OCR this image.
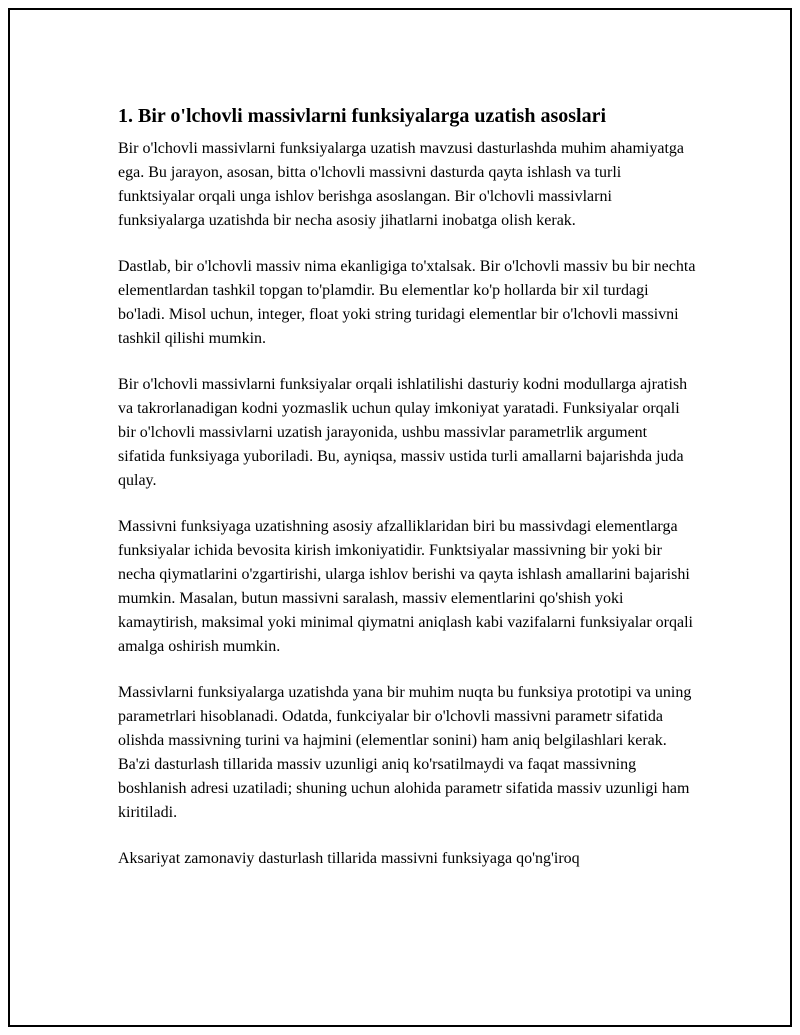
1. Bir o'lchovli massivlarni funksiyalarga uzatish asoslari

Bir o'lchovli massivlarni funksiyalarga uzatish mavzusi dasturlashda muhim ahamiyatga ega. Bu jarayon, asosan, bitta o'lchovli massivni dasturda qayta ishlash va turli funktsiyalar orqali unga ishlov berishga asoslangan. Bir o'lchovli massivlarni funksiyalarga uzatishda bir necha asosiy jihatlarni inobatga olish kerak.

Dastlab, bir o'lchovli massiv nima ekanligiga to'xtalsak. Bir o'lchovli massiv bu bir nechta elementlardan tashkil topgan to'plamdir. Bu elementlar ko'p hollarda bir xil turdagi bo'ladi. Misol uchun, integer, float yoki string turidagi elementlar bir o'lchovli massivni tashkil qilishi mumkin.

Bir o'lchovli massivlarni funksiyalar orqali ishlatilishi dasturiy kodni modullarga ajratish va takrorlanadigan kodni yozmaslik uchun qulay imkoniyat yaratadi. Funksiyalar orqali bir o'lchovli massivlarni uzatish jarayonida, ushbu massivlar parametrlik argument sifatida funksiyaga yuboriladi. Bu, ayniqsa, massiv ustida turli amallarni bajarishda juda qulay.

Massivni funksiyaga uzatishning asosiy afzalliklaridan biri bu massivdagi elementlarga funksiyalar ichida bevosita kirish imkoniyatidir. Funktsiyalar massivning bir yoki bir necha qiymatlarini o'zgartirishi, ularga ishlov berishi va qayta ishlash amallarini bajarishi mumkin. Masalan, butun massivni saralash, massiv elementlarini qo'shish yoki kamaytirish, maksimal yoki minimal qiymatni aniqlash kabi vazifalarni funksiyalar orqali amalga oshirish mumkin.

Massivlarni funksiyalarga uzatishda yana bir muhim nuqta bu funksiya prototipi va uning parametrlari hisoblanadi. Odatda, funkciyalar bir o'lchovli massivni parametr sifatida olishda massivning turini va hajmini (elementlar sonini) ham aniq belgilashlari kerak. Ba'zi dasturlash tillarida massiv uzunligi aniq ko'rsatilmaydi va faqat massivning boshlanish adresi uzatiladi; shuning uchun alohida parametr sifatida massiv uzunligi ham kiritiladi.

Aksariyat zamonaviy dasturlash tillarida massivni funksiyaga qo'ng'iroq
